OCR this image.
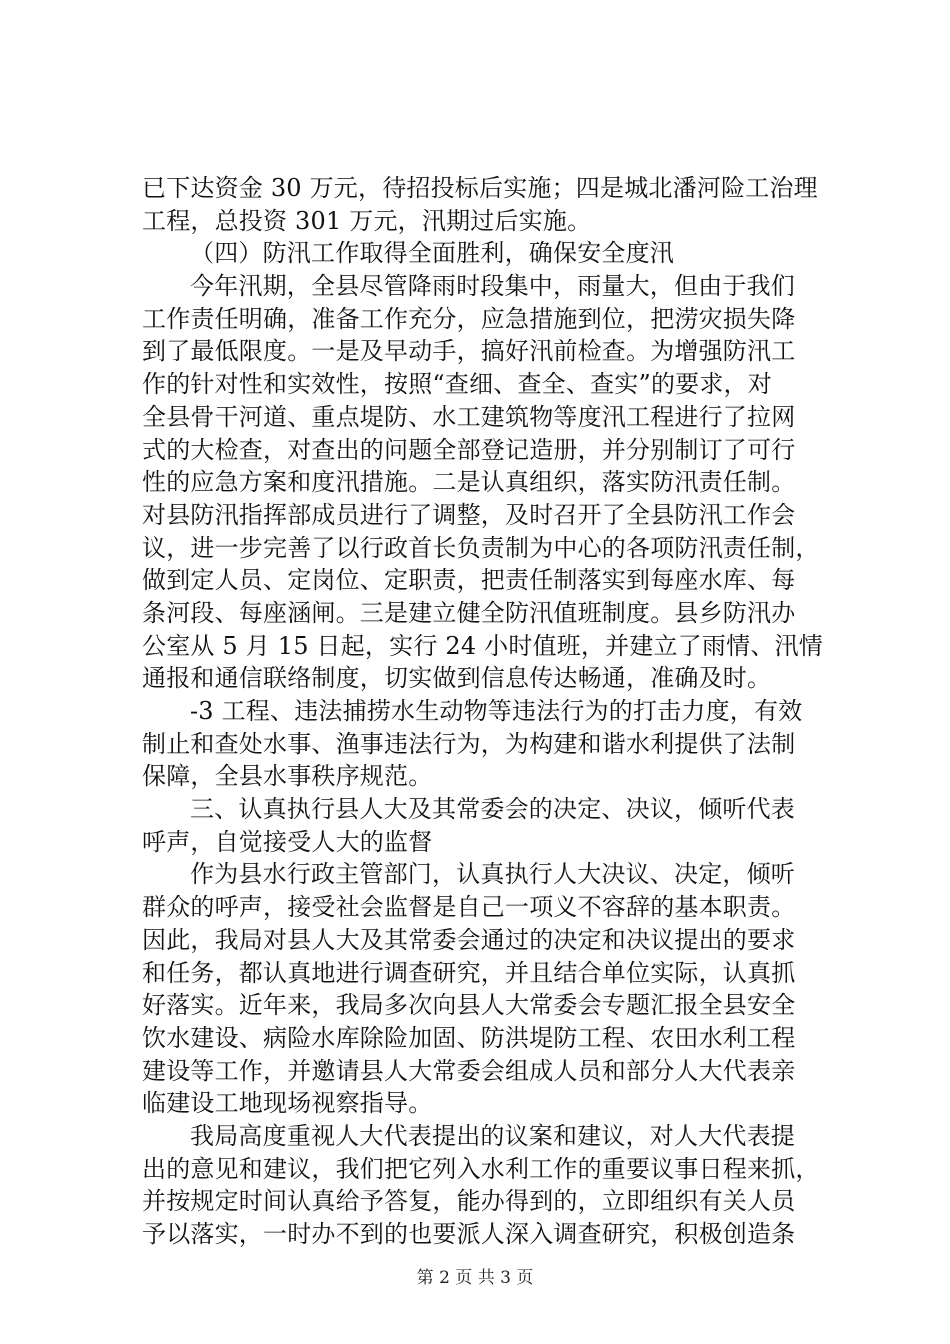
已下达资金 30 万元，待招投标后实施；四是城北潘河险工治理
工程，总投资 301 万元，汛期过后实施。
（四）防汛工作取得全面胜利，确保安全度汛
今年汛期，全县尽管降雨时段集中，雨量大，但由于我们
工作责任明确，准备工作充分，应急措施到位，把涝灾损失降
到了最低限度。一是及早动手，搞好汛前检查。为增强防汛工
作的针对性和实效性，按照“查细、查全、查实”的要求，对
全县骨干河道、重点堤防、水工建筑物等度汛工程进行了拉网
式的大检查，对查出的问题全部登记造册，并分别制订了可行
性的应急方案和度汛措施。二是认真组织，落实防汛责任制。
对县防汛指挥部成员进行了调整，及时召开了全县防汛工作会
议，进一步完善了以行政首长负责制为中心的各项防汛责任制，
做到定人员、定岗位、定职责，把责任制落实到每座水库、每
条河段、每座涵闸。三是建立健全防汛值班制度。县乡防汛办
公室从 5 月 15 日起，实行 24 小时值班，并建立了雨情、汛情
通报和通信联络制度，切实做到信息传达畅通，准确及时。
-3 工程、违法捕捞水生动物等违法行为的打击力度，有效
制止和查处水事、渔事违法行为，为构建和谐水利提供了法制
保障，全县水事秩序规范。
三、认真执行县人大及其常委会的决定、决议，倾听代表
呼声，自觉接受人大的监督
作为县水行政主管部门，认真执行人大决议、决定，倾听
群众的呼声，接受社会监督是自己一项义不容辞的基本职责。
因此，我局对县人大及其常委会通过的决定和决议提出的要求
和任务，都认真地进行调查研究，并且结合单位实际，认真抓
好落实。近年来，我局多次向县人大常委会专题汇报全县安全
饮水建设、病险水库除险加固、防洪堤防工程、农田水利工程
建设等工作，并邀请县人大常委会组成人员和部分人大代表亲
临建设工地现场视察指导。
我局高度重视人大代表提出的议案和建议，对人大代表提
出的意见和建议，我们把它列入水利工作的重要议事日程来抓，
并按规定时间认真给予答复，能办得到的，立即组织有关人员
予以落实，一时办不到的也要派人深入调查研究，积极创造条
第 2 页 共 3 页
